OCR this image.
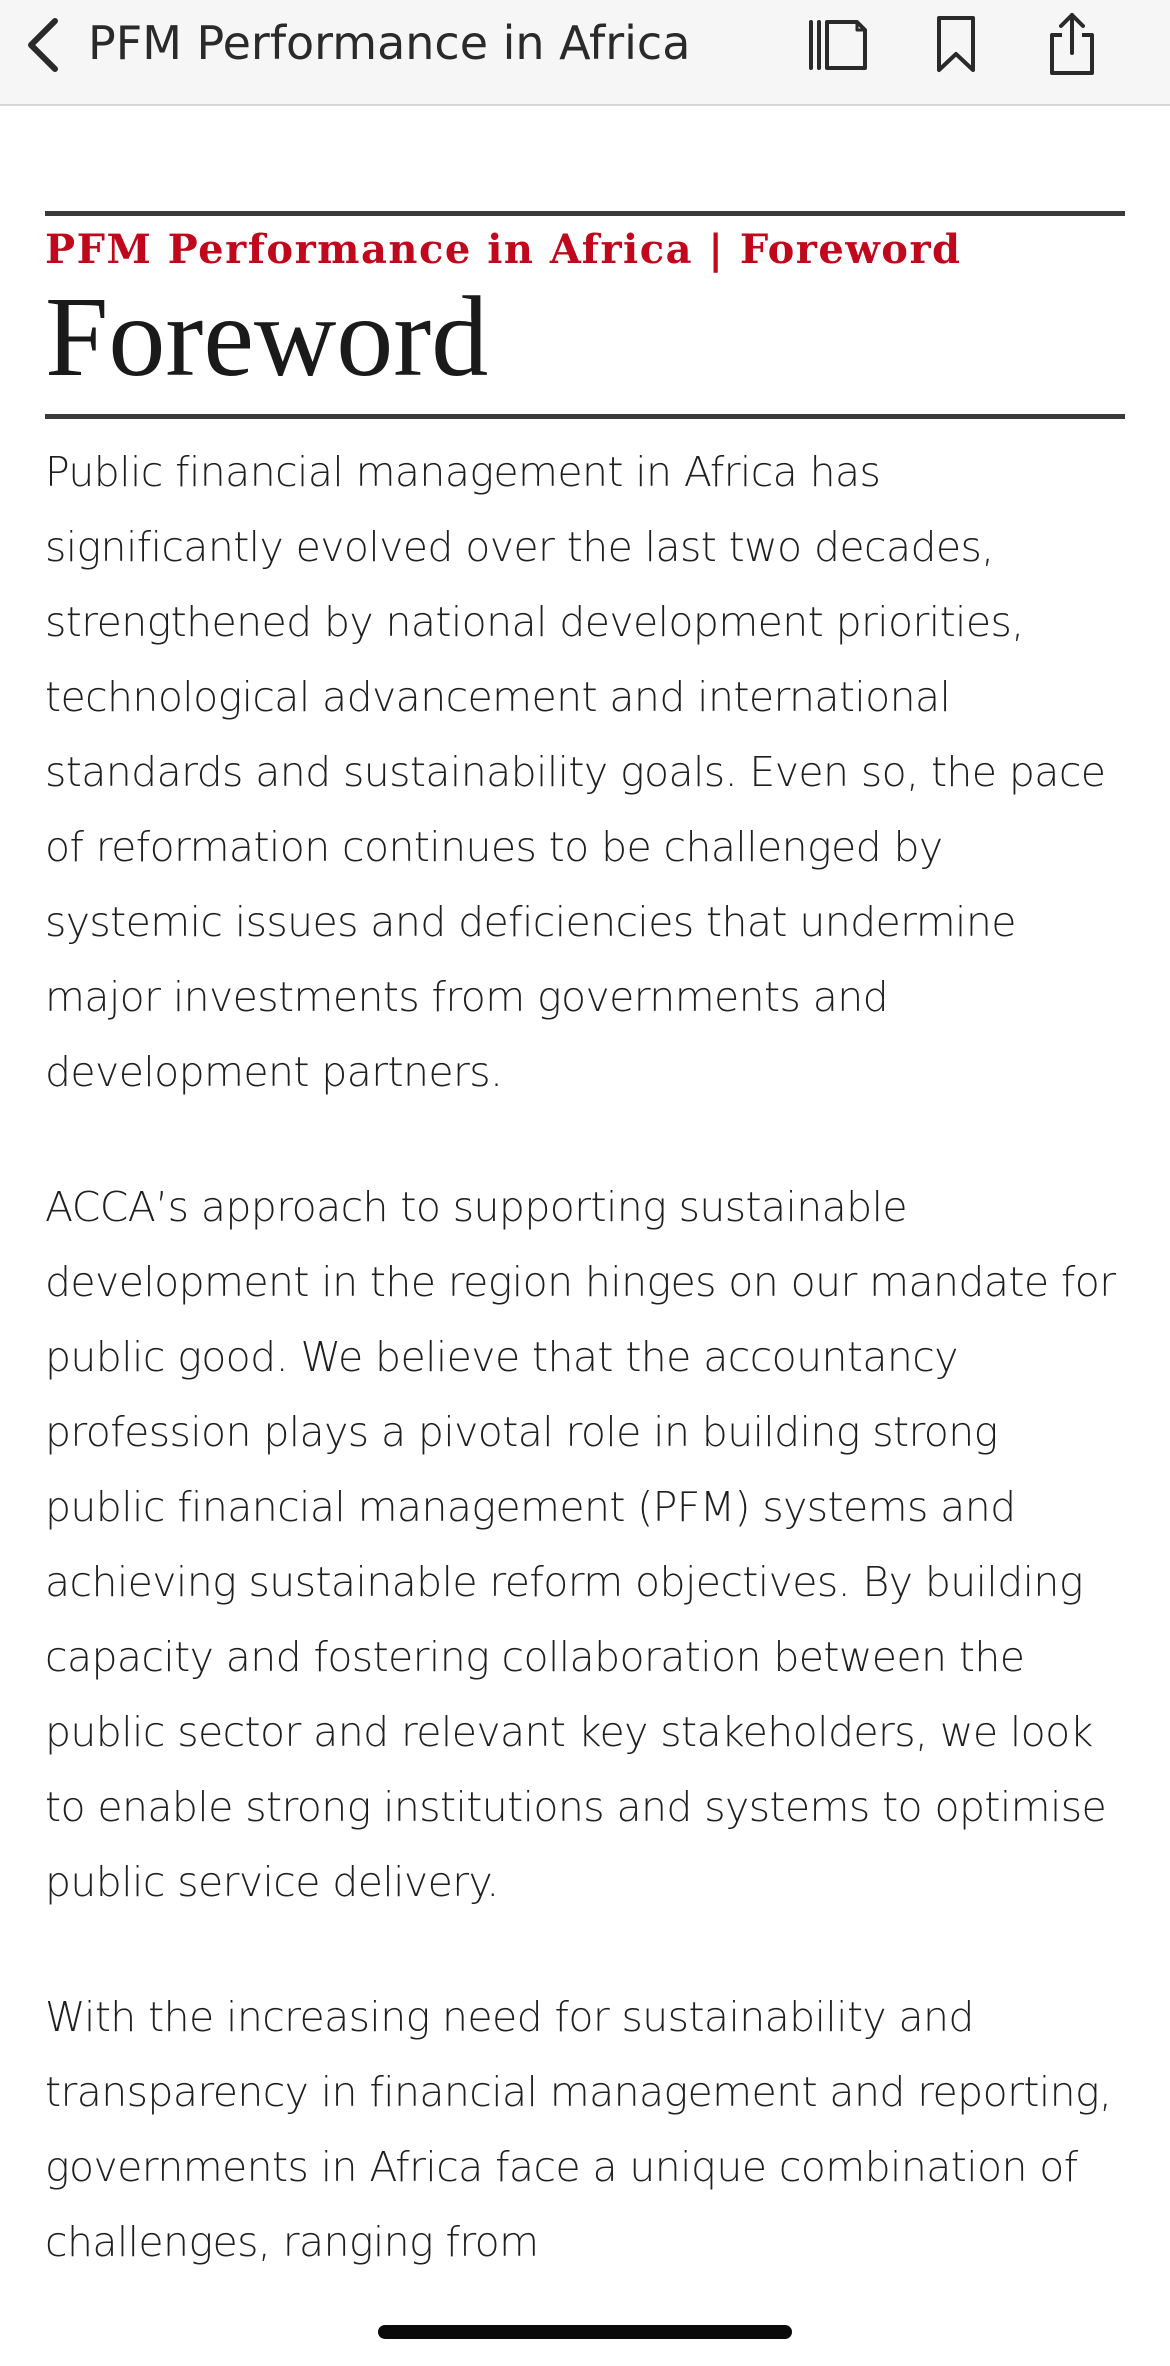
PFM Performance in Africa
PFM Performance in Africa | Foreword
Foreword

Public financial management in Africa has significantly evolved over the last two decades, strengthened by national development priorities, technological advancement and international standards and sustainability goals. Even so, the pace of reformation continues to be challenged by systemic issues and deficiencies that undermine major investments from governments and development partners.

ACCA’s approach to supporting sustainable development in the region hinges on our mandate for public good. We believe that the accountancy profession plays a pivotal role in building strong public financial management (PFM) systems and achieving sustainable reform objectives. By building capacity and fostering collaboration between the public sector and relevant key stakeholders, we look to enable strong institutions and systems to optimise public service delivery.

With the increasing need for sustainability and transparency in financial management and reporting, governments in Africa face a unique combination of challenges, ranging from
